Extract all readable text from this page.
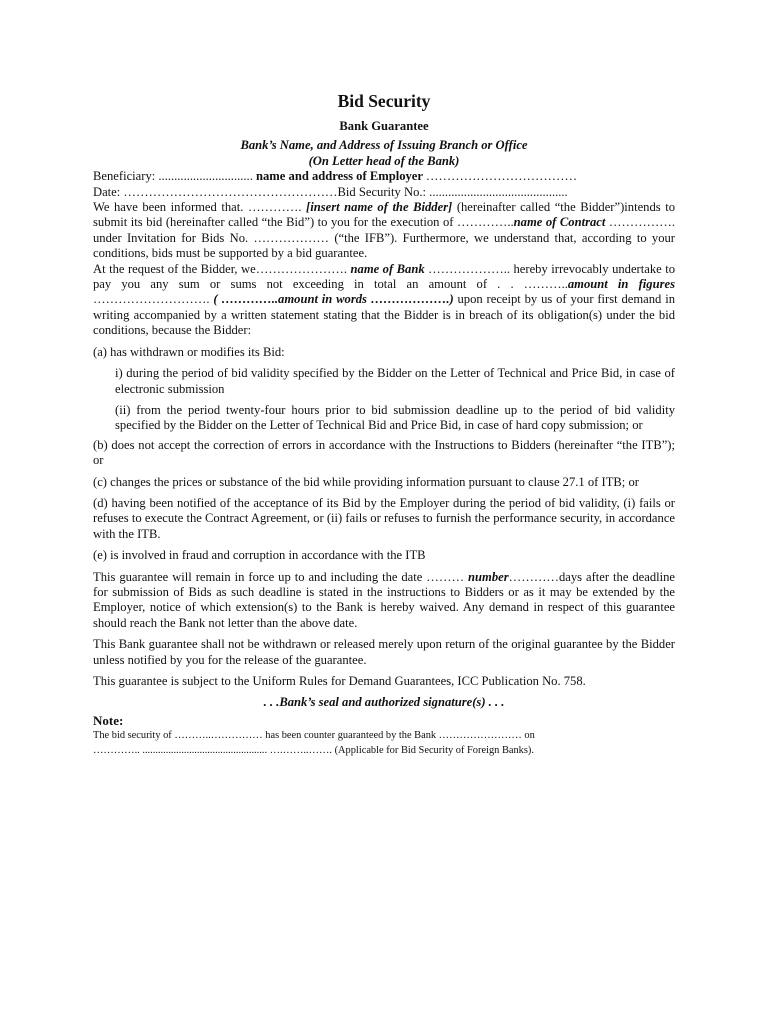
Bid Security
Bank Guarantee
Bank’s Name, and Address of Issuing Branch or Office
(On Letter head of the Bank)

Beneficiary: .............................. name and address of Employer ………………………………

Date: ……………………………………………Bid Security No.: ............................................

We have been informed that. …………. [insert name of the Bidder] (hereinafter called “the Bidder”)intends to submit its bid (hereinafter called “the Bid”) to you for the execution of …………..name of Contract ……………. under Invitation for Bids No. ……………… (“the IFB”). Furthermore, we understand that, according to your conditions, bids must be supported by a bid guarantee.

At the request of the Bidder, we…………………. name of Bank ……………….. hereby irrevocably undertake to pay you any sum or sums not exceeding in total an amount of . . ………..amount in figures ………………………. ( …………..amount in words ……………….) upon receipt by us of your first demand in writing accompanied by a written statement stating that the Bidder is in breach of its obligation(s) under the bid conditions, because the Bidder:

(a) has withdrawn or modifies its Bid:

i) during the period of bid validity specified by the Bidder on the Letter of Technical and Price Bid, in case of electronic submission

(ii) from the period twenty-four hours prior to bid submission deadline up to the period of bid validity specified by the Bidder on the Letter of Technical Bid and Price Bid, in case of hard copy submission; or

(b) does not accept the correction of errors in accordance with the Instructions to Bidders (hereinafter “the ITB”); or

(c) changes the prices or substance of the bid while providing information pursuant to clause 27.1 of ITB; or

(d) having been notified of the acceptance of its Bid by the Employer during the period of bid validity, (i) fails or refuses to execute the Contract Agreement, or (ii) fails or refuses to furnish the performance security, in accordance with the ITB.

(e) is involved in fraud and corruption in accordance with the ITB

This guarantee will remain in force up to and including the date ……… number…………days after the deadline for submission of Bids as such deadline is stated in the instructions to Bidders or as it may be extended by the Employer, notice of which extension(s) to the Bank is hereby waived. Any demand in respect of this guarantee should reach the Bank not letter than the above date.

This Bank guarantee shall not be withdrawn or released merely upon return of the original guarantee by the Bidder unless notified by you for the release of the guarantee.

This guarantee is subject to the Uniform Rules for Demand Guarantees, ICC Publication No. 758.

. . .Bank’s seal and authorized signature(s) . . .

Note:

The bid security of ………..…………… has been counter guaranteed by the Bank …………………… on

………….. ................................................ ….……..……. (Applicable for Bid Security of Foreign Banks).
